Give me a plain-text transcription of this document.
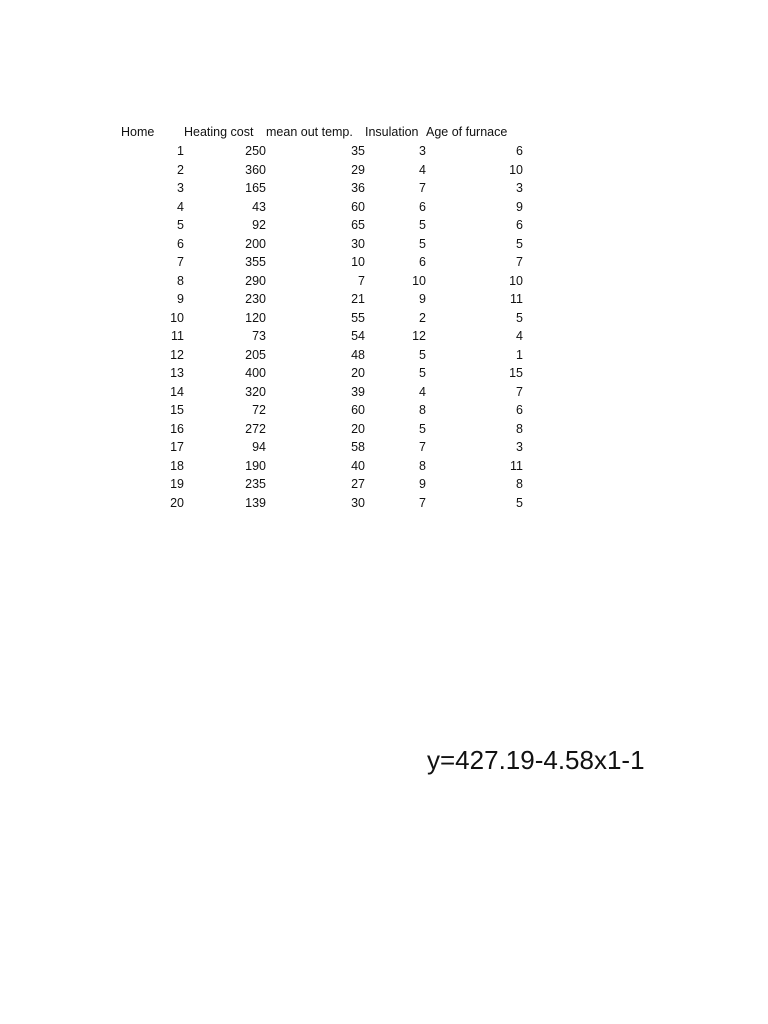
Home	Heating cost	mean out temp.	Insulation	Age of furnace
1	250	35	3	6
2	360	29	4	10
3	165	36	7	3
4	43	60	6	9
5	92	65	5	6
6	200	30	5	5
7	355	10	6	7
8	290	7	10	10
9	230	21	9	11
10	120	55	2	5
11	73	54	12	4
12	205	48	5	1
13	400	20	5	15
14	320	39	4	7
15	72	60	8	6
16	272	20	5	8
17	94	58	7	3
18	190	40	8	11
19	235	27	9	8
20	139	30	7	5
y=427.19-4.58x1-1
